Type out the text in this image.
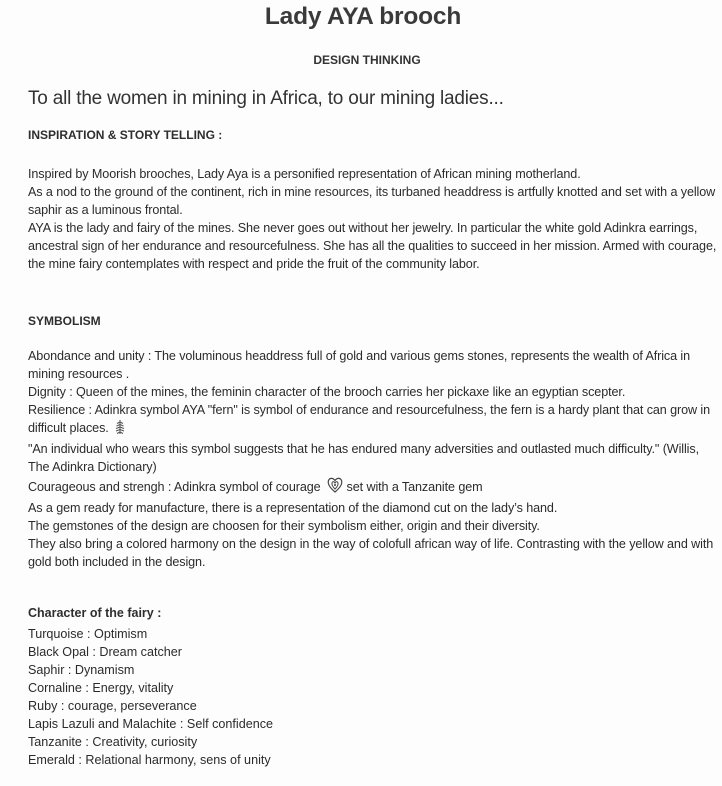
Lady AYA brooch
DESIGN THINKING

To all the women in mining in Africa, to our mining ladies...

INSPIRATION & STORY TELLING :

Inspired by Moorish brooches, Lady Aya is a personified representation of African mining motherland.

As a nod to the ground of the continent, rich in mine resources, its turbaned headdress is artfully knotted and set with a yellow saphir as a luminous frontal.

AYA is the lady and fairy of the mines. She never goes out without her jewelry. In particular the white gold Adinkra earrings, ancestral sign of her endurance and resourcefulness. She has all the qualities to succeed in her mission. Armed with courage, the mine fairy contemplates with respect and pride the fruit of the community labor.

SYMBOLISM

Abondance and unity : The voluminous headdress full of gold and various gems stones, represents the wealth of Africa in mining resources .

Dignity : Queen of the mines, the feminin character of the brooch carries her pickaxe like an egyptian scepter.

Resilience : Adinkra symbol AYA "fern" is symbol of endurance and resourcefulness, the fern is a hardy plant that can grow in difficult places.

"An individual who wears this symbol suggests that he has endured many adversities and outlasted much difficulty." (Willis, The Adinkra Dictionary)

Courageous and strengh : Adinkra symbol of courage set with a Tanzanite gem

As a gem ready for manufacture, there is a representation of the diamond cut on the lady’s hand.

The gemstones of the design are choosen for their symbolism either, origin and their diversity.

They also bring a colored harmony on the design in the way of colofull african way of life. Contrasting with the yellow and with gold both included in the design.

Character of the fairy :
Turquoise : Optimism
Black Opal : Dream catcher
Saphir : Dynamism
Cornaline : Energy, vitality
Ruby : courage, perseverance
Lapis Lazuli and Malachite : Self confidence
Tanzanite : Creativity, curiosity
Emerald : Relational harmony, sens of unity
